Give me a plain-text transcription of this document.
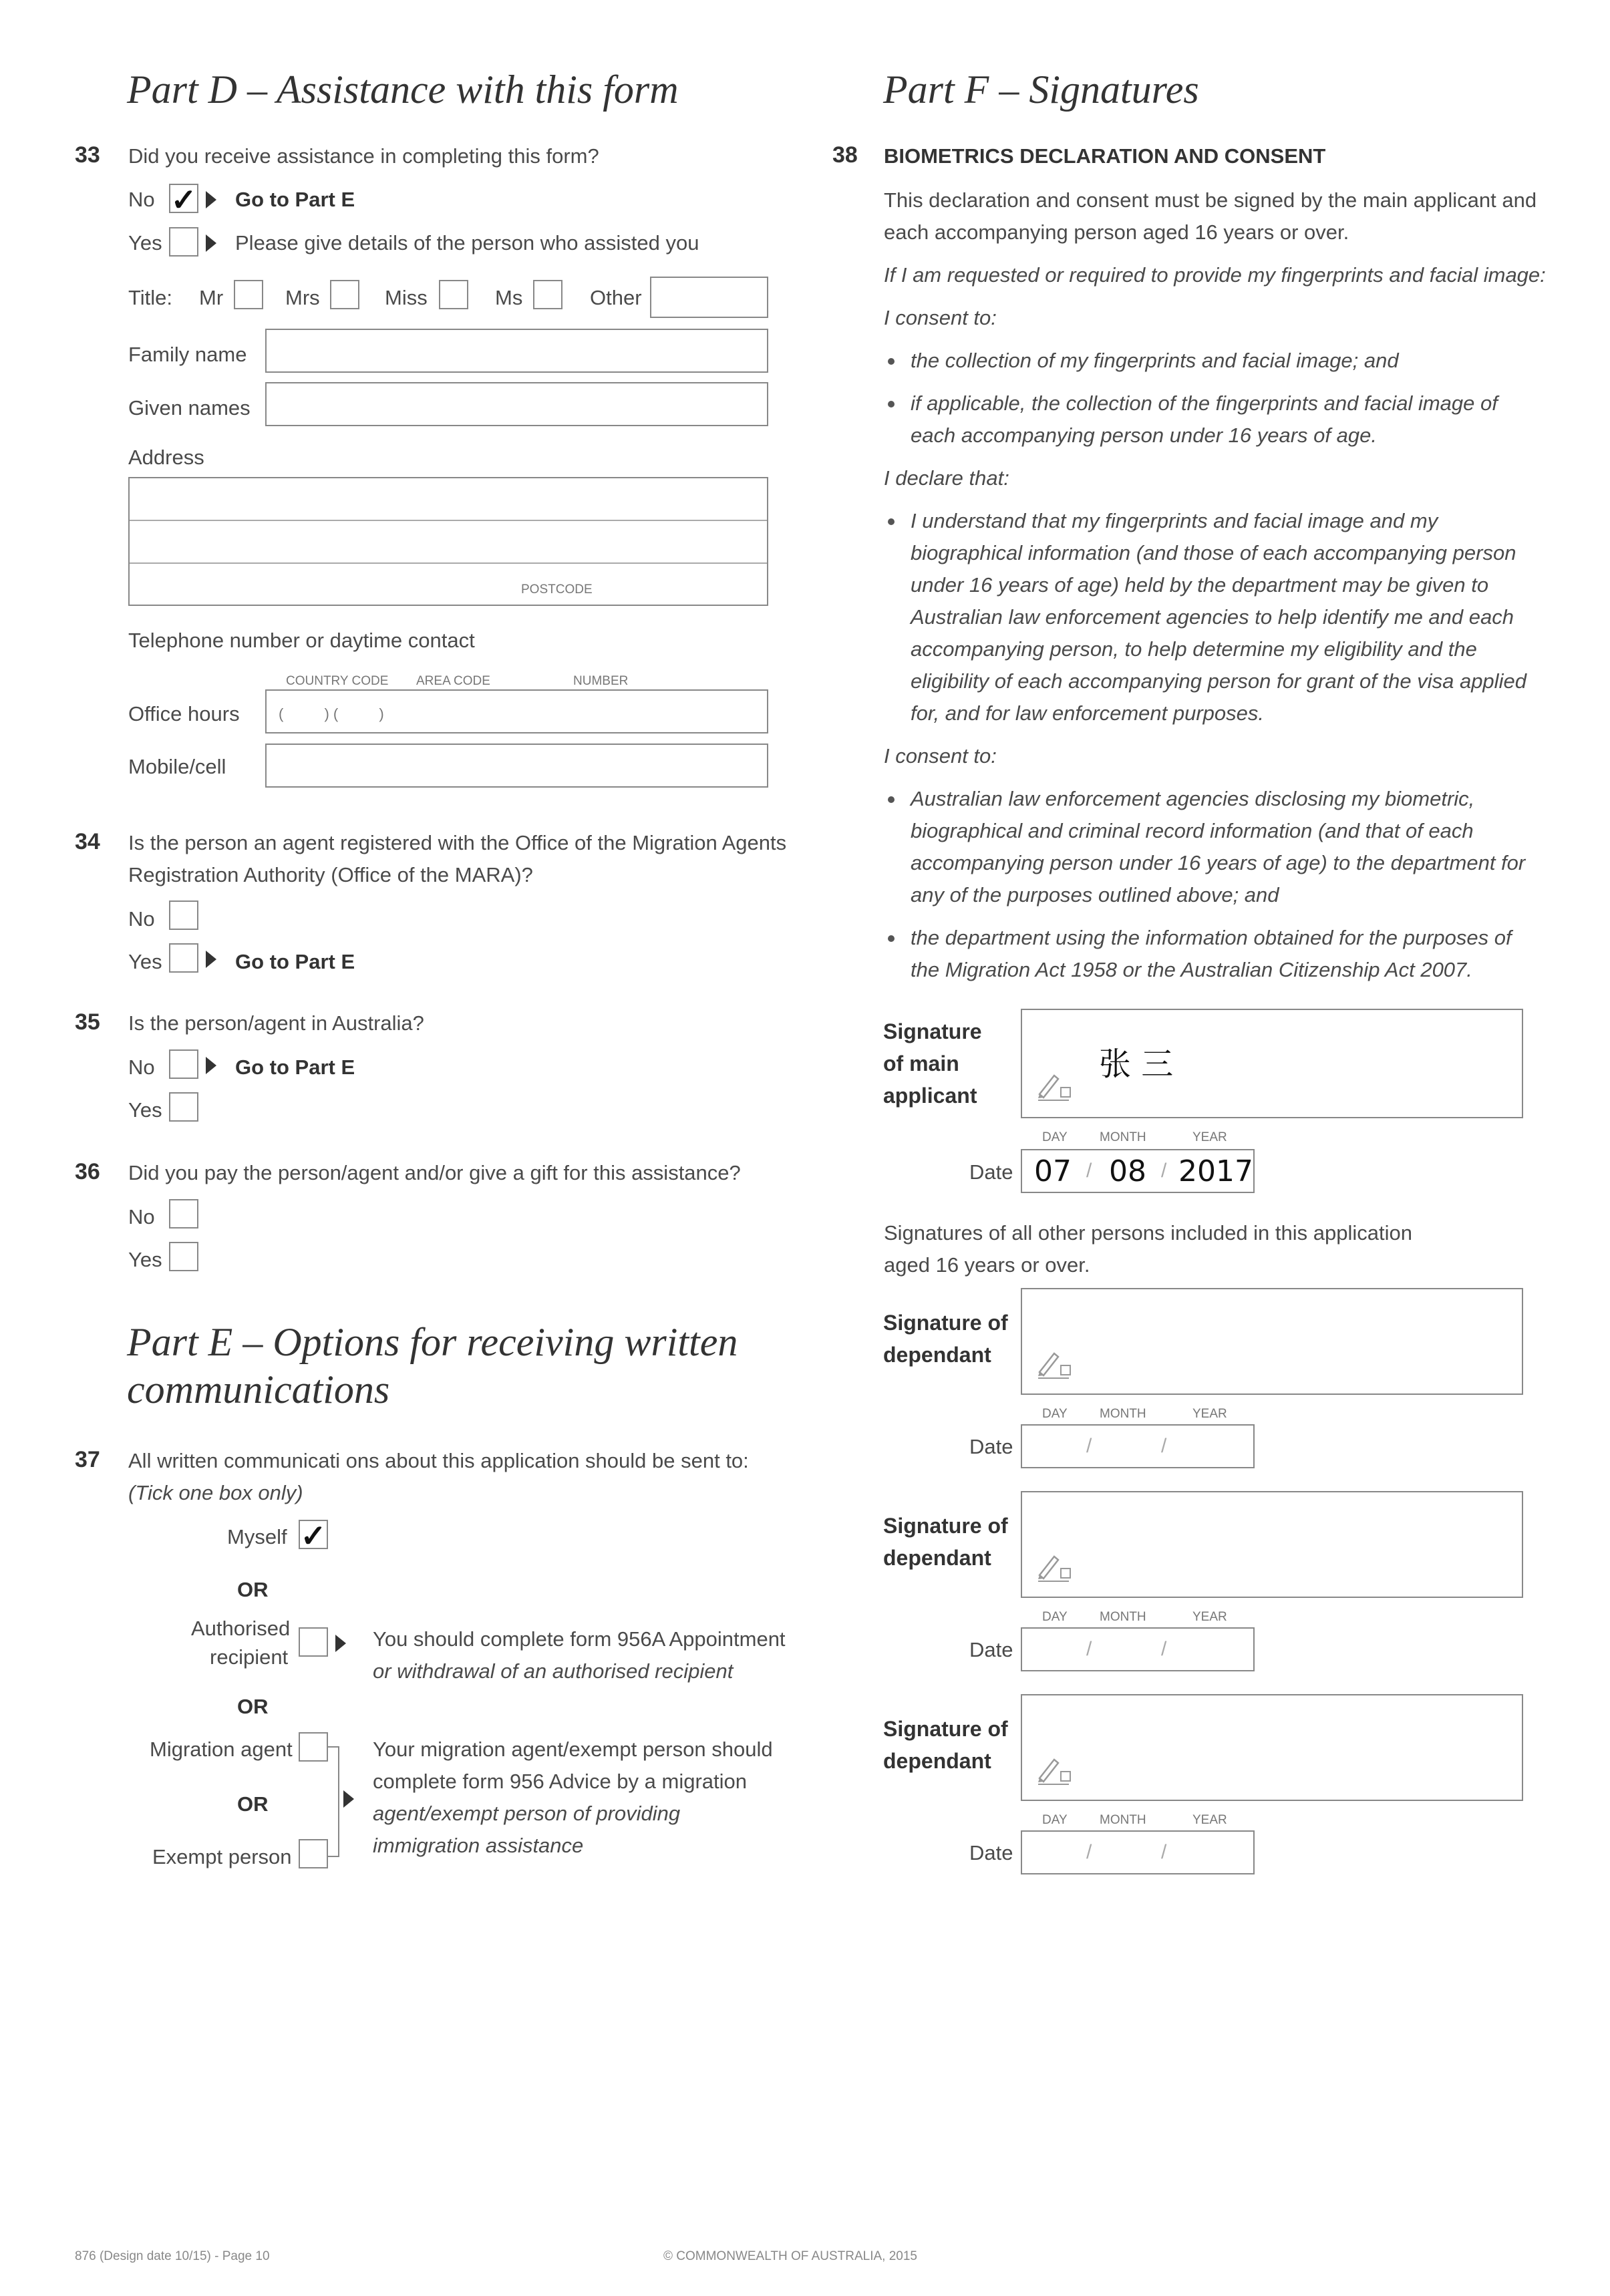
Part D – Assistance with this form
33 Did you receive assistance in completing this form?
No ✓ Go to Part E
Yes	Please give details of the person who assisted you
Title: Mr	Mrs	Miss	Ms	Other
Family name
Given names
Address
POSTCODE
Telephone number or daytime contact
COUNTRY CODE AREA CODE	NUMBER
Office hours	(          ) (          )
Mobile/cell
34 Is the person an agent registered with the Office of the Migration Agents
Registration Authority (Office of the MARA)?
No
Yes	Go to Part E
35 Is the person/agent in Australia?
No	Go to Part E
Yes
36 Did you pay the person/agent and/or give a gift for this assistance?
No
Yes
Part E – Options for receiving written
communications
37 All written communicati ons about this application should be sent to:
(Tick one box only)
Myself ✓
OR
Authorised
recipient
You should complete form 956A Appointment
or withdrawal of an authorised recipient
OR
Migration agent
OR
Exempt person
Your migration agent/exempt person should
complete form 956 Advice by a migration
agent/exempt person of providing
immigration assistance
Part F – Signatures
38 BIOMETRICS DECLARATION AND CONSENT
This declaration and consent must be signed by the main applicant and
each accompanying person aged 16 years or over.
If I am requested or required to provide my fingerprints and facial image:
I consent to:
the collection of my fingerprints and facial image; and
if applicable, the collection of the fingerprints and facial image of
each accompanying person under 16 years of age.
I declare that:
I understand that my fingerprints and facial image and my
biographical information (and those of each accompanying person
under 16 years of age) held by the department may be given to
Australian law enforcement agencies to help identify me and each
accompanying person, to help determine my eligibility and the
eligibility of each accompanying person for grant of the visa applied
for, and for law enforcement purposes.
I consent to:
Australian law enforcement agencies disclosing my biometric,
biographical and criminal record information (and that of each
accompanying person under 16 years of age) to the department for
any of the purposes outlined above; and
the department using the information obtained for the purposes of
the Migration Act 1958 or the Australian Citizenship Act 2007.
Signature
of main
applicant
张 三
DAY	MONTH	YEAR
Date 07 / 08 / 2017
Signatures of all other persons included in this application
aged 16 years or over.
Signature of
dependant
DAY	MONTH	YEAR
Date	/	/
Signature of
dependant
DAY	MONTH	YEAR
Date	/	/
Signature of
dependant
DAY	MONTH	YEAR
Date	/	/
876 (Design date 10/15) - Page 10	© COMMONWEALTH OF AUSTRALIA, 2015
